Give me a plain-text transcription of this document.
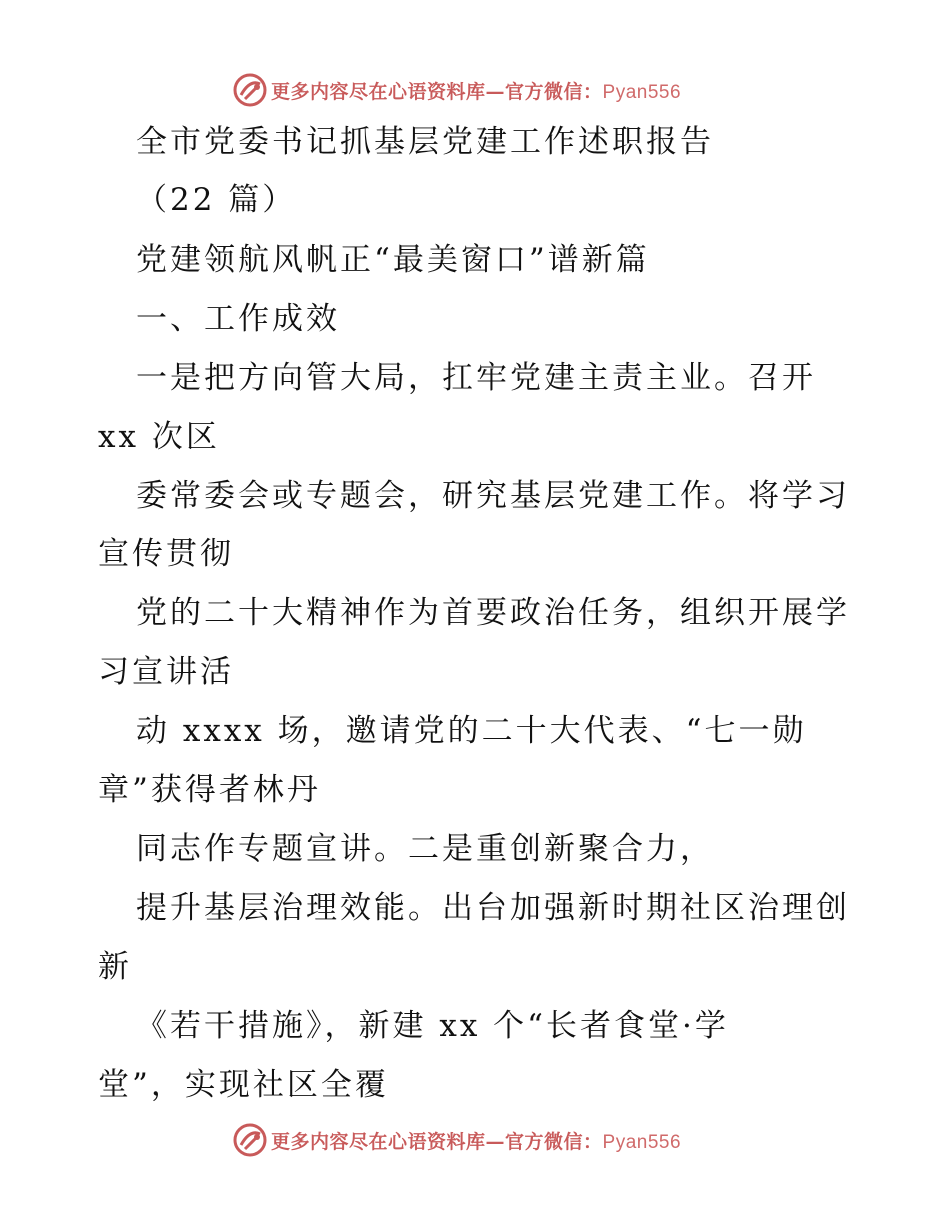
更多内容尽在心语资料库—官方微信：Pyan556
全市党委书记抓基层党建工作述职报告
（22 篇）
党建领航风帆正“最美窗口”谱新篇
一、工作成效
一是把方向管大局，扛牢党建主责主业。召开
xx 次区
委常委会或专题会，研究基层党建工作。将学习
宣传贯彻
党的二十大精神作为首要政治任务，组织开展学
习宣讲活
动 xxxx 场，邀请党的二十大代表、“七一勋
章”获得者林丹
同志作专题宣讲。二是重创新聚合力，
提升基层治理效能。出台加强新时期社区治理创
新
《若干措施》，新建 xx 个“长者食堂·学
堂”，实现社区全覆
更多内容尽在心语资料库—官方微信：Pyan556
